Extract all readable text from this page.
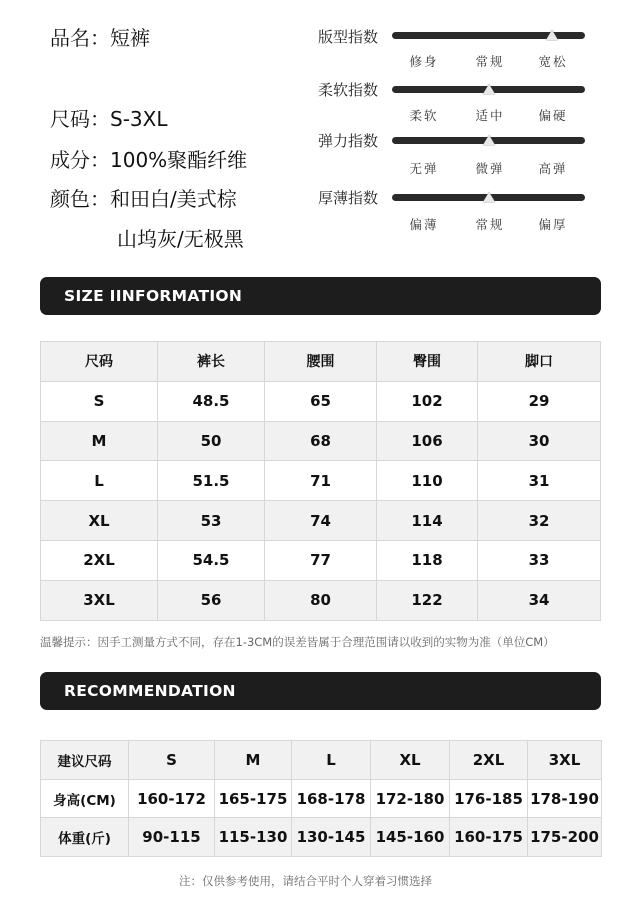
品名：短裤
尺码：S-3XL
成分：100%聚酯纤维
颜色：和田白/美式棕
山坞灰/无极黑
版型指数
修身	常规	宽松
柔软指数
柔软	适中	偏硬
弹力指数
无弹	微弹	高弹
厚薄指数
偏薄	常规	偏厚
SIZE IINFORMATION
尺码	裤长	腰围	臀围	脚口
S	48.5	65	102	29
M	50	68	106	30
L	51.5	71	110	31
XL	53	74	114	32
2XL	54.5	77	118	33
3XL	56	80	122	34
温馨提示：因手工测量方式不同，存在1-3CM的误差皆属于合理范围请以收到的实物为准（单位CM）
RECOMMENDATION
建议尺码	S	M	L	XL	2XL	3XL
身高(CM)	160-172	165-175	168-178	172-180	176-185	178-190
体重(斤)	90-115	115-130	130-145	145-160	160-175	175-200
注：仅供参考使用，请结合平时个人穿着习惯选择
